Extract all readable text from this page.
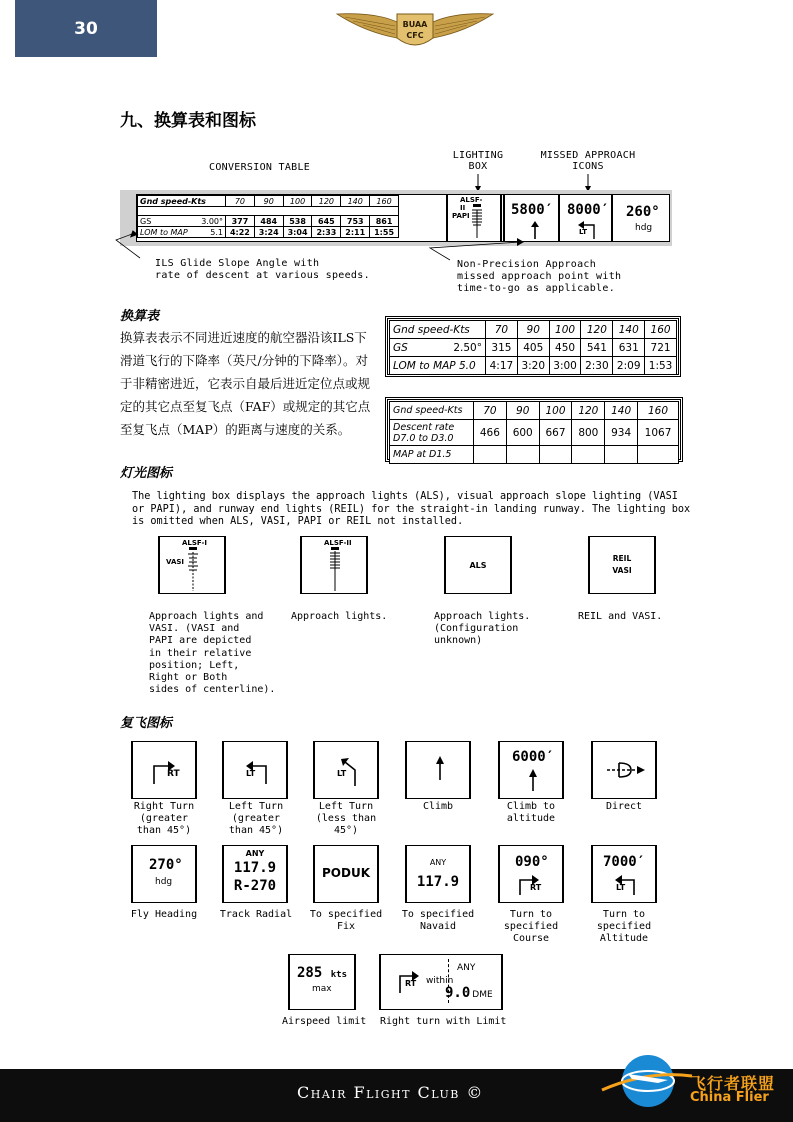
30	BUAA
CFC
九、换算表和图标
CONVERSION TABLE
LIGHTING
BOX
MISSED APPROACH
ICONS
Gnd speed-Kts	70	90	100	120	140	160

GS 3.00°	377	484	538	645	753	861
LOM to MAP 5.1	4:22	3:24	3:04	2:33	2:11	1:55
ALSF-II
PAPI	5800′ 8000′
LT
260°
hdg
ILS Glide Slope Angle with
rate of descent at various speeds.
Non-Precision Approach
missed approach point with
time-to-go as applicable.
换算表
换算表表示不同进近速度的航空器沿该ILS下滑道飞行的下降率（英尺/分钟的下降率）。对于非精密进近，它表示自最后进近定位点或规定的其它点至复飞点（FAF）或规定的其它点至复飞点（MAP）的距离与速度的关系。
Gnd speed-Kts	70	90	100	120	140	160
GS 2.50°	315	405	450	541	631	721
LOM to MAP 5.0	4:17	3:20	3:00	2:30	2:09	1:53
Gnd speed-Kts	70	90	100	120	140	160

Descent rate
D7.0 to D3.0	466	600	667	800	934	1067
MAP at D1.5						
灯光图标
The lighting box displays the approach lights (ALS), visual approach slope lighting (VASI or PAPI), and runway end lights (REIL) for the straight-in landing runway. The lighting box is omitted when ALS, VASI, PAPI or REIL not installed.
ALSF-I
VASI
ALSF-II
ALS
REIL
VASI
Approach lights and
VASI. (VASI and
PAPI are depicted
in their relative
position; Left,
Right or Both
sides of centerline).
Approach lights.	Approach lights.
(Configuration
unknown)
REIL and VASI.
复飞图标
RT	LT	LT
6000′
Right Turn
(greater
than 45°)
Left Turn
(greater
than 45°)
Left Turn
(less than
45°)
Climb	Climb to
altitude
Direct
270°
hdg
ANY
117.9
R-270
PODUK
ANY
117.9
090°
RT
7000′
LT
Fly Heading	Track Radial	To specified
Fix
To specified
Navaid
Turn to
specified
Course
Turn to
specified
Altitude
285 kts
max
RT within
ANY
9.0 DME
Airspeed limit Right turn with Limit
Chair Flight Club ©	飞行者联盟
China Flier
